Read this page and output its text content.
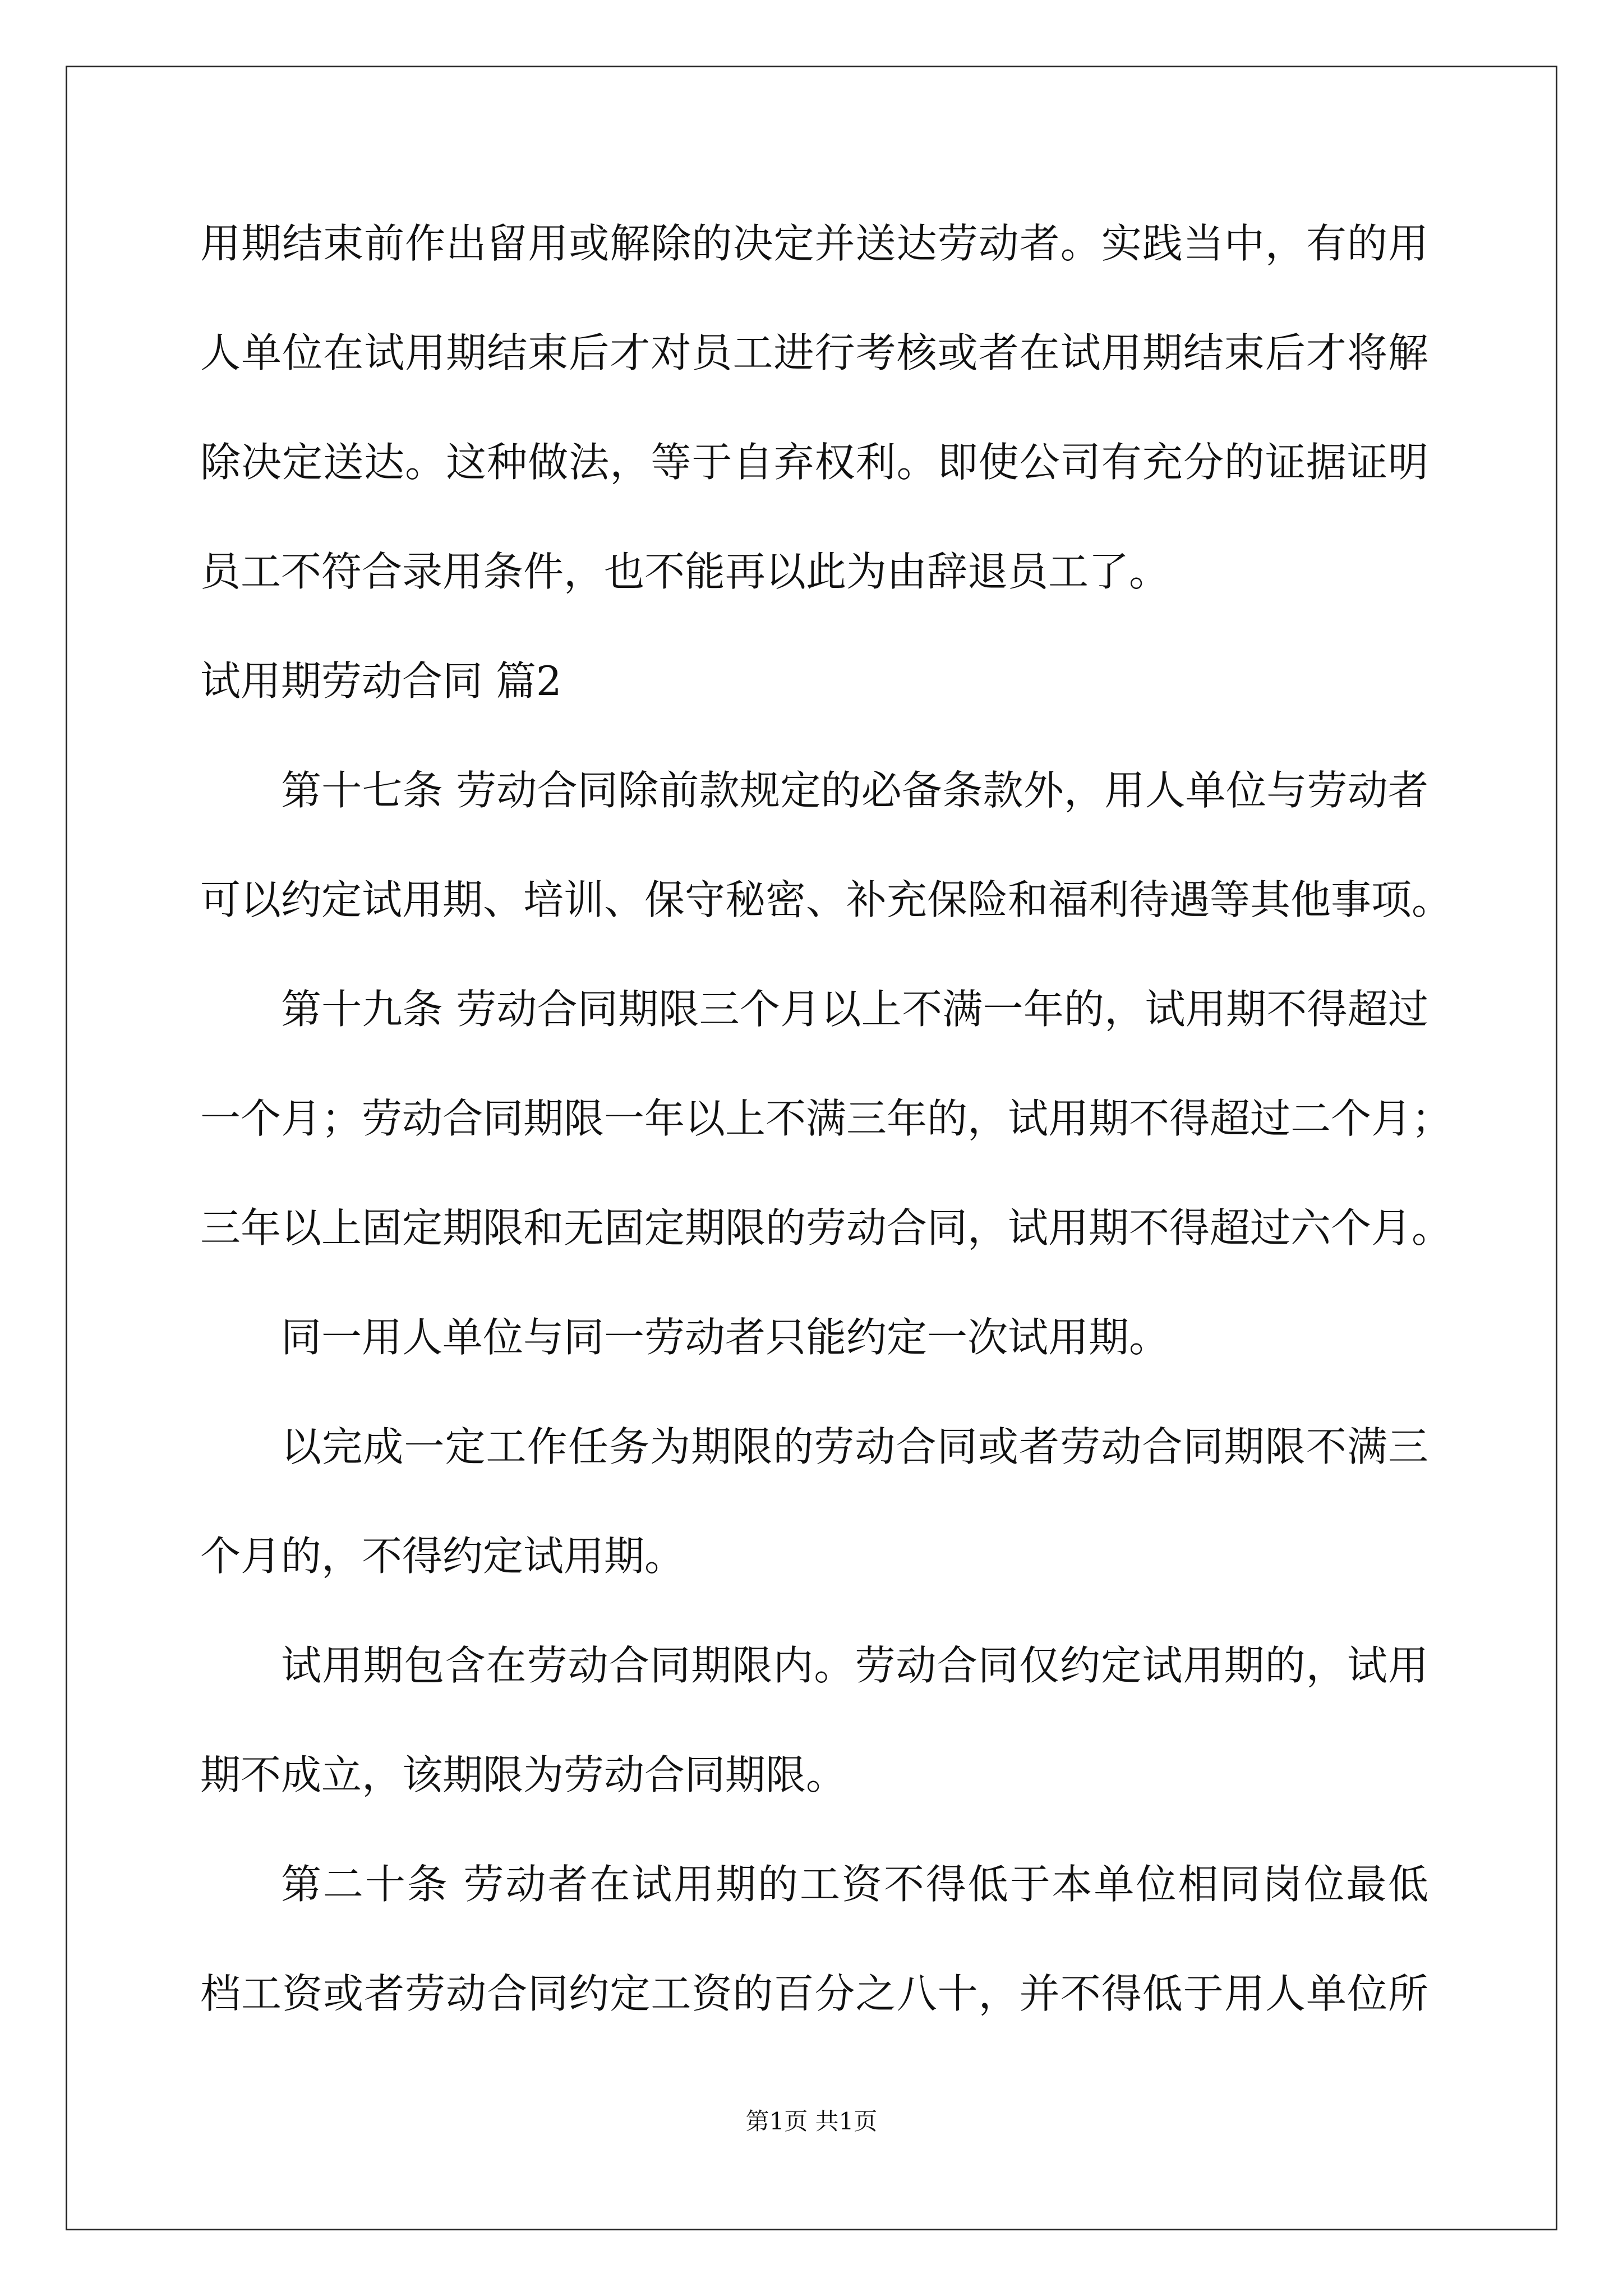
用期结束前作出留用或解除的决定并送达劳动者。实践当中，有的用
人单位在试用期结束后才对员工进行考核或者在试用期结束后才将解
除决定送达。这种做法，等于自弃权利。即使公司有充分的证据证明
员工不符合录用条件，也不能再以此为由辞退员工了。
试用期劳动合同 篇2
第十七条 劳动合同除前款规定的必备条款外，用人单位与劳动者
可以约定试用期、培训、保守秘密、补充保险和福利待遇等其他事项。
第十九条 劳动合同期限三个月以上不满一年的，试用期不得超过
一个月；劳动合同期限一年以上不满三年的，试用期不得超过二个月；
三年以上固定期限和无固定期限的劳动合同，试用期不得超过六个月。
同一用人单位与同一劳动者只能约定一次试用期。
以完成一定工作任务为期限的劳动合同或者劳动合同期限不满三
个月的，不得约定试用期。
试用期包含在劳动合同期限内。劳动合同仅约定试用期的，试用
期不成立，该期限为劳动合同期限。
第二十条 劳动者在试用期的工资不得低于本单位相同岗位最低
档工资或者劳动合同约定工资的百分之八十，并不得低于用人单位所
第1页 共1页
